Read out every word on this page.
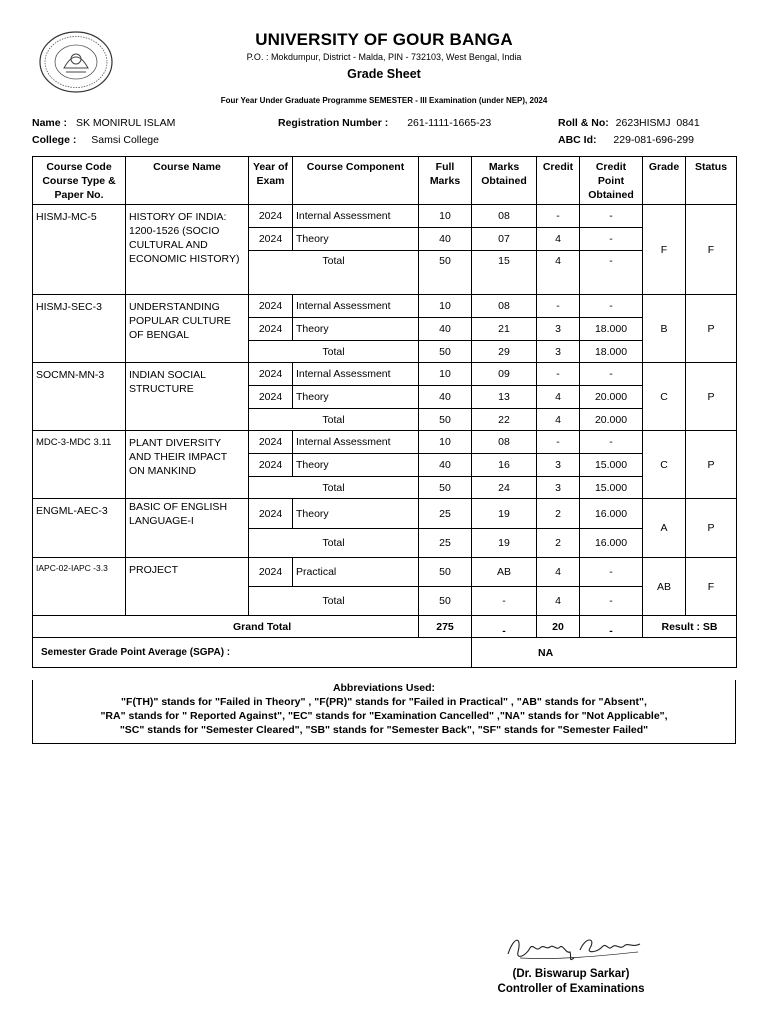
UNIVERSITY OF GOUR BANGA
P.O. : Mokdumpur, District - Malda, PIN - 732103, West Bengal, India
Grade Sheet
Four Year Under Graduate Programme SEMESTER - III Examination (under NEP), 2024
Name : SK MONIRUL ISLAM	Registration Number : 261-1111-1665-23	Roll & No: 2623HISMJ  0841
College : Samsi College	ABC Id: 229-081-696-299
Course Code Course Type & Paper No.	Course Name	Year of Exam	Course Component	Full Marks	Marks Obtained	Credit	Credit Point Obtained	Grade	Status
HISMJ-MC-5	HISTORY OF INDIA: 1200-1526 (SOCIO CULTURAL AND ECONOMIC HISTORY)	2024	Internal Assessment	10	08	-	-	F	F
		2024	Theory	40	07	4	-		
		Total		50	15	4	-		
HISMJ-SEC-3	UNDERSTANDING POPULAR CULTURE OF BENGAL	2024	Internal Assessment	10	08	-	-	B	P
		2024	Theory	40	21	3	18.000		
		Total		50	29	3	18.000		
SOCMN-MN-3	INDIAN SOCIAL STRUCTURE	2024	Internal Assessment	10	09	-	-	C	P
		2024	Theory	40	13	4	20.000		
		Total		50	22	4	20.000		
MDC-3-MDC 3.11	PLANT DIVERSITY AND THEIR IMPACT ON MANKIND	2024	Internal Assessment	10	08	-	-	C	P
		2024	Theory	40	16	3	15.000		
		Total		50	24	3	15.000		
ENGML-AEC-3	BASIC OF ENGLISH LANGUAGE-I	2024	Theory	25	19	2	16.000	A	P
		Total		25	19	2	16.000		
IAPC-02-IAPC -3.3	PROJECT	2024	Practical	50	AB	4	-	AB	F
		Total		50	-	4	-		
Grand Total				275	-	20	-	Result : SB	
Semester Grade Point Average (SGPA) :					NA				
Abbreviations Used:
"F(TH)" stands for "Failed in Theory" , "F(PR)" stands for "Failed in Practical" , "AB" stands for "Absent",
"RA" stands for " Reported Against", "EC" stands for "Examination Cancelled" ,"NA" stands for "Not Applicable",
"SC" stands for "Semester Cleared", "SB" stands for "Semester Back", "SF" stands for "Semester Failed"
(Dr. Biswarup Sarkar)
Controller of Examinations
